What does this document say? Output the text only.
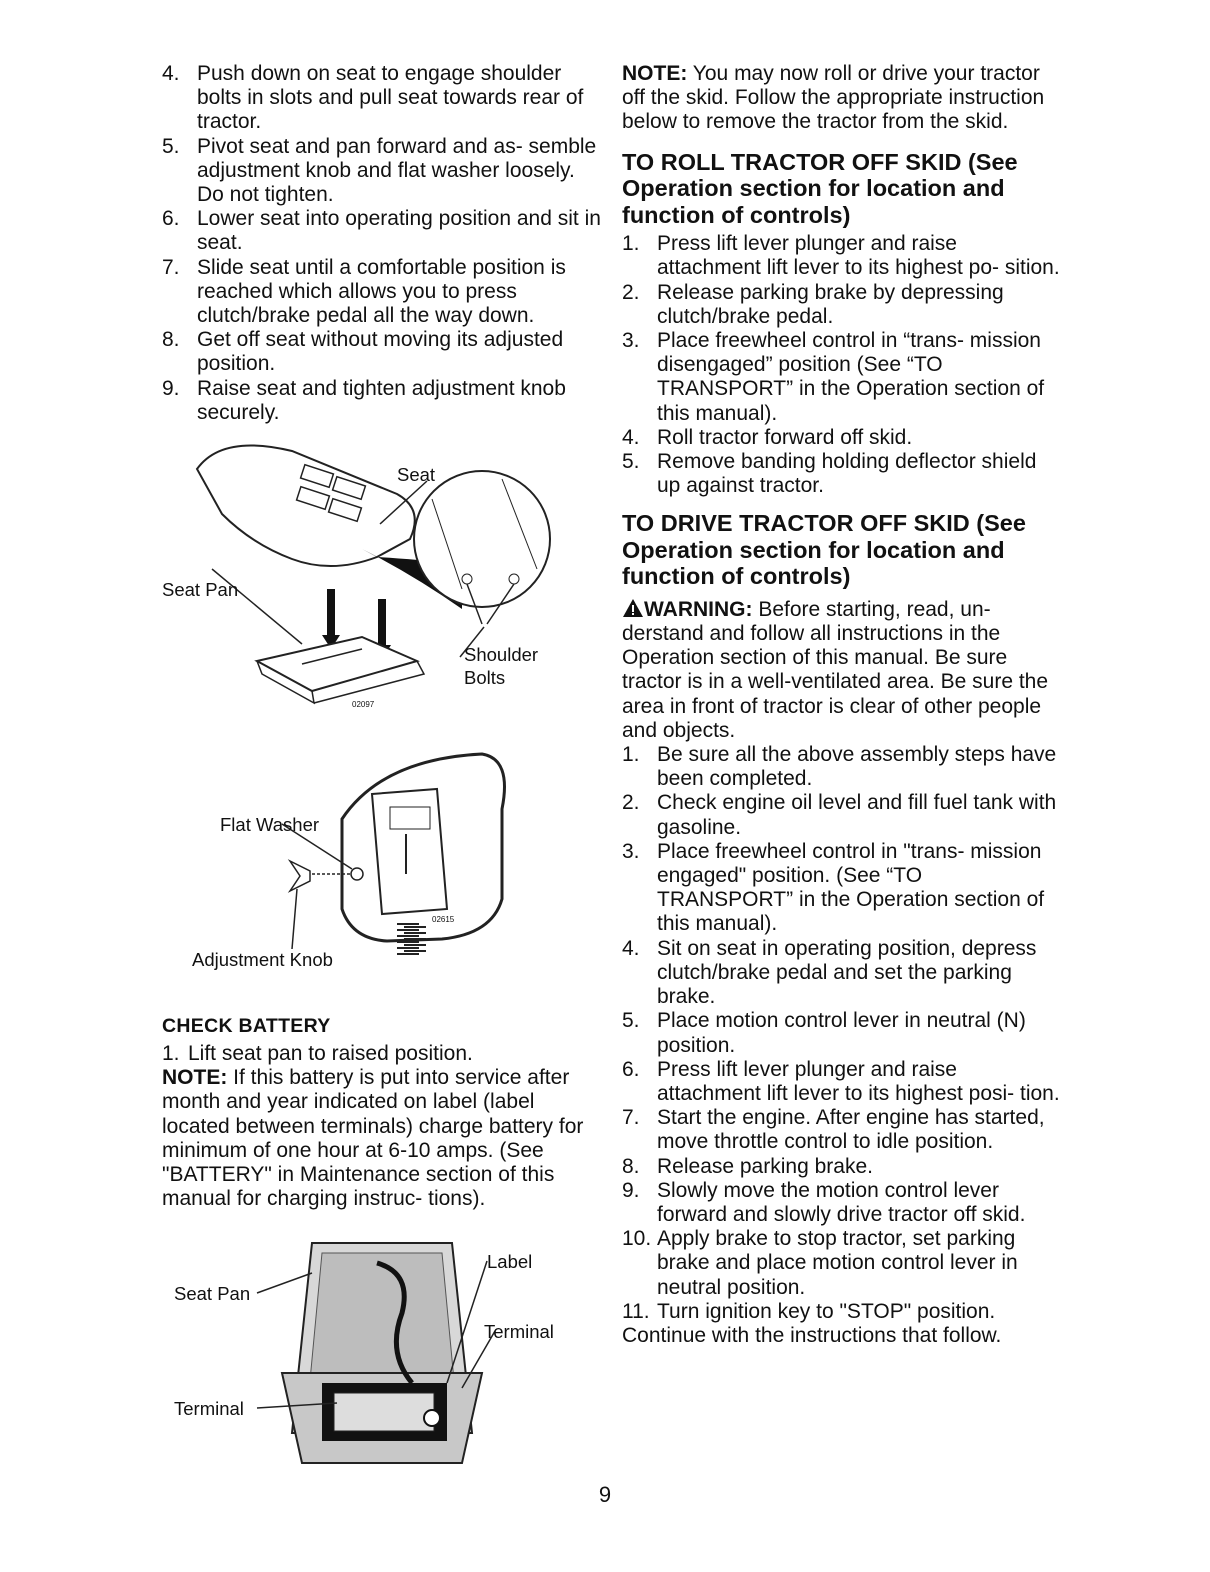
4. Push down on seat to engage shoulder bolts in slots and pull seat towards rear of tractor.
5. Pivot seat and pan forward and as- semble adjustment knob and flat washer loosely. Do not tighten.
6. Lower seat into operating position and sit in seat.
7. Slide seat until a comfortable position is reached which allows you to press clutch/brake pedal all the way down.
8. Get off seat without moving its adjusted position.
9. Raise seat and tighten adjustment knob securely.
Seat
Seat Pan
Shoulder
Bolts
02097
Flat Washer
Adjustment Knob
02615
CHECK BATTERY
1. Lift seat pan to raised position.

NOTE: If this battery is put into service after month and year indicated on label (label located between terminals) charge battery for minimum of one hour at 6-10 amps. (See "BATTERY" in Maintenance section of this manual for charging instruc- tions).

Seat Pan
Label
Terminal
Terminal

NOTE: You may now roll or drive your tractor off the skid. Follow the appropriate instruction below to remove the tractor from the skid.

TO ROLL TRACTOR OFF SKID (See Operation section for location and function of controls)
1. Press lift lever plunger and raise attachment lift lever to its highest po- sition.
2. Release parking brake by depressing clutch/brake pedal.
3. Place freewheel control in “trans- mission disengaged” position (See “TO TRANSPORT” in the Operation section of this manual).
4. Roll tractor forward off skid.
5. Remove banding holding deflector shield up against tractor.
TO DRIVE TRACTOR OFF SKID (See Operation section for location and function of controls)

WARNING: Before starting, read, un- derstand and follow all instructions in the Operation section of this manual. Be sure tractor is in a well-ventilated area. Be sure the area in front of tractor is clear of other people and objects.

1. Be sure all the above assembly steps have been completed.
2. Check engine oil level and fill fuel tank with gasoline.
3. Place freewheel control in "trans- mission engaged" position. (See “TO TRANSPORT” in the Operation section of this manual).
4. Sit on seat in operating position, depress clutch/brake pedal and set the parking brake.
5. Place motion control lever in neutral (N) position.
6. Press lift lever plunger and raise attachment lift lever to its highest posi- tion.
7. Start the engine. After engine has started, move throttle control to idle position.
8. Release parking brake.
9. Slowly move the motion control lever forward and slowly drive tractor off skid.
10. Apply brake to stop tractor, set parking brake and place motion control lever in neutral position.
11. Turn ignition key to "STOP" position.

Continue with the instructions that follow.

9
